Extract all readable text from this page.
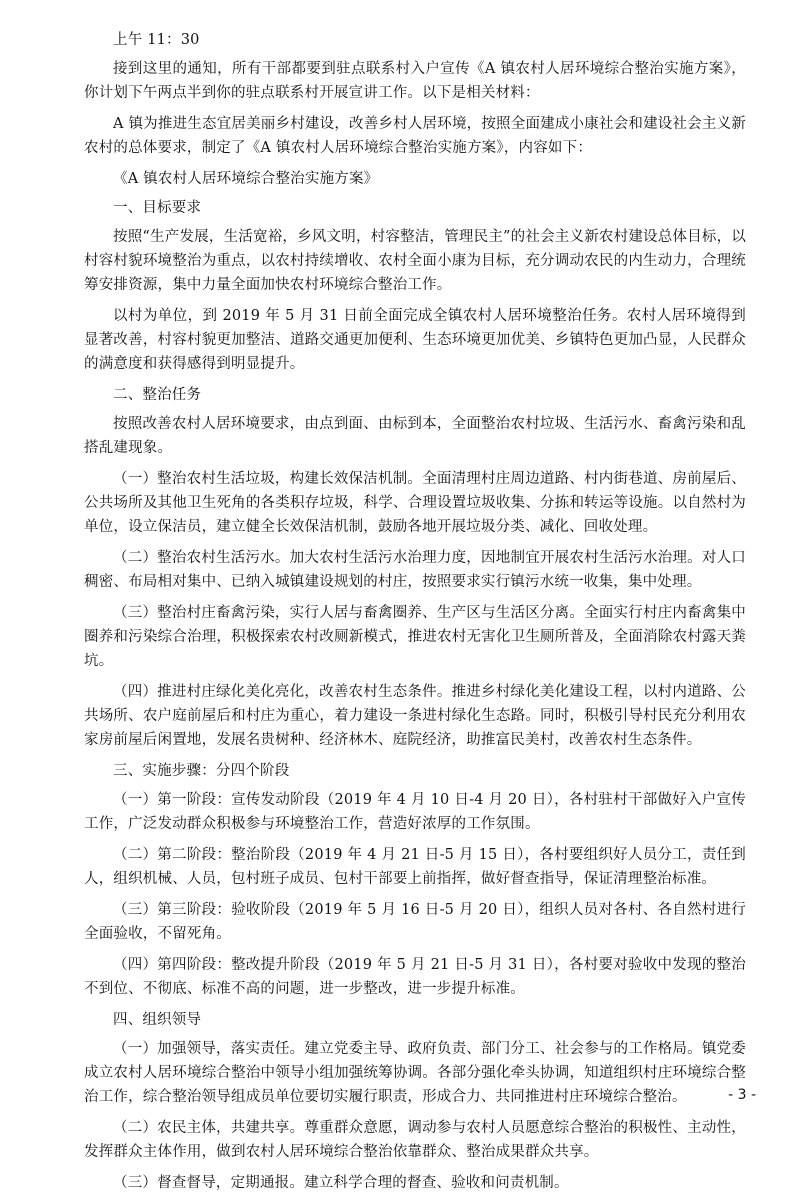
上午 11：30

接到这里的通知，所有干部都要到驻点联系村入户宣传《A 镇农村人居环境综合整治实施方案》，你计划下午两点半到你的驻点联系村开展宣讲工作。以下是相关材料：

A 镇为推进生态宜居美丽乡村建设，改善乡村人居环境，按照全面建成小康社会和建设社会主义新农村的总体要求，制定了《A 镇农村人居环境综合整治实施方案》，内容如下：

《A 镇农村人居环境综合整治实施方案》

一、目标要求

按照“生产发展，生活宽裕，乡风文明，村容整洁，管理民主”的社会主义新农村建设总体目标，以村容村貌环境整治为重点，以农村持续增收、农村全面小康为目标，充分调动农民的内生动力，合理统筹安排资源，集中力量全面加快农村环境综合整治工作。

以村为单位，到 2019 年 5 月 31 日前全面完成全镇农村人居环境整治任务。农村人居环境得到显著改善，村容村貌更加整洁、道路交通更加便利、生态环境更加优美、乡镇特色更加凸显，人民群众的满意度和获得感得到明显提升。

二、整治任务

按照改善农村人居环境要求，由点到面、由标到本，全面整治农村垃圾、生活污水、畜禽污染和乱搭乱建现象。

（一）整治农村生活垃圾，构建长效保洁机制。全面清理村庄周边道路、村内街巷道、房前屋后、公共场所及其他卫生死角的各类积存垃圾，科学、合理设置垃圾收集、分拣和转运等设施。以自然村为单位，设立保洁员，建立健全长效保洁机制，鼓励各地开展垃圾分类、减化、回收处理。

（二）整治农村生活污水。加大农村生活污水治理力度，因地制宜开展农村生活污水治理。对人口稠密、布局相对集中、已纳入城镇建设规划的村庄，按照要求实行镇污水统一收集，集中处理。

（三）整治村庄畜禽污染，实行人居与畜禽圈养、生产区与生活区分离。全面实行村庄内畜禽集中圈养和污染综合治理，积极探索农村改厕新模式，推进农村无害化卫生厕所普及，全面消除农村露天粪坑。

（四）推进村庄绿化美化亮化，改善农村生态条件。推进乡村绿化美化建设工程，以村内道路、公共场所、农户庭前屋后和村庄为重心，着力建设一条进村绿化生态路。同时，积极引导村民充分利用农家房前屋后闲置地，发展名贵树种、经济林木、庭院经济，助推富民美村，改善农村生态条件。

三、实施步骤：分四个阶段

（一）第一阶段：宣传发动阶段（2019 年 4 月 10 日-4 月 20 日），各村驻村干部做好入户宣传工作，广泛发动群众积极参与环境整治工作，营造好浓厚的工作氛围。

（二）第二阶段：整治阶段（2019 年 4 月 21 日-5 月 15 日），各村要组织好人员分工，责任到人，组织机械、人员，包村班子成员、包村干部要上前指挥，做好督查指导，保证清理整治标准。

（三）第三阶段：验收阶段（2019 年 5 月 16 日-5 月 20 日），组织人员对各村、各自然村进行全面验收，不留死角。

（四）第四阶段：整改提升阶段（2019 年 5 月 21 日-5 月 31 日），各村要对验收中发现的整治不到位、不彻底、标准不高的问题，进一步整改，进一步提升标准。

四、组织领导

（一）加强领导，落实责任。建立党委主导、政府负责、部门分工、社会参与的工作格局。镇党委成立农村人居环境综合整治中领导小组加强统筹协调。各部分强化牵头协调，知道组织村庄环境综合整治工作，综合整治领导组成员单位要切实履行职责，形成合力、共同推进村庄环境综合整治。

（二）农民主体，共建共享。尊重群众意愿，调动参与农村人员愿意综合整治的积极性、主动性，发挥群众主体作用，做到农村人居环境综合整治依靠群众、整治成果群众共享。

（三）督查督导，定期通报。建立科学合理的督查、验收和问责机制。

- 3 -
